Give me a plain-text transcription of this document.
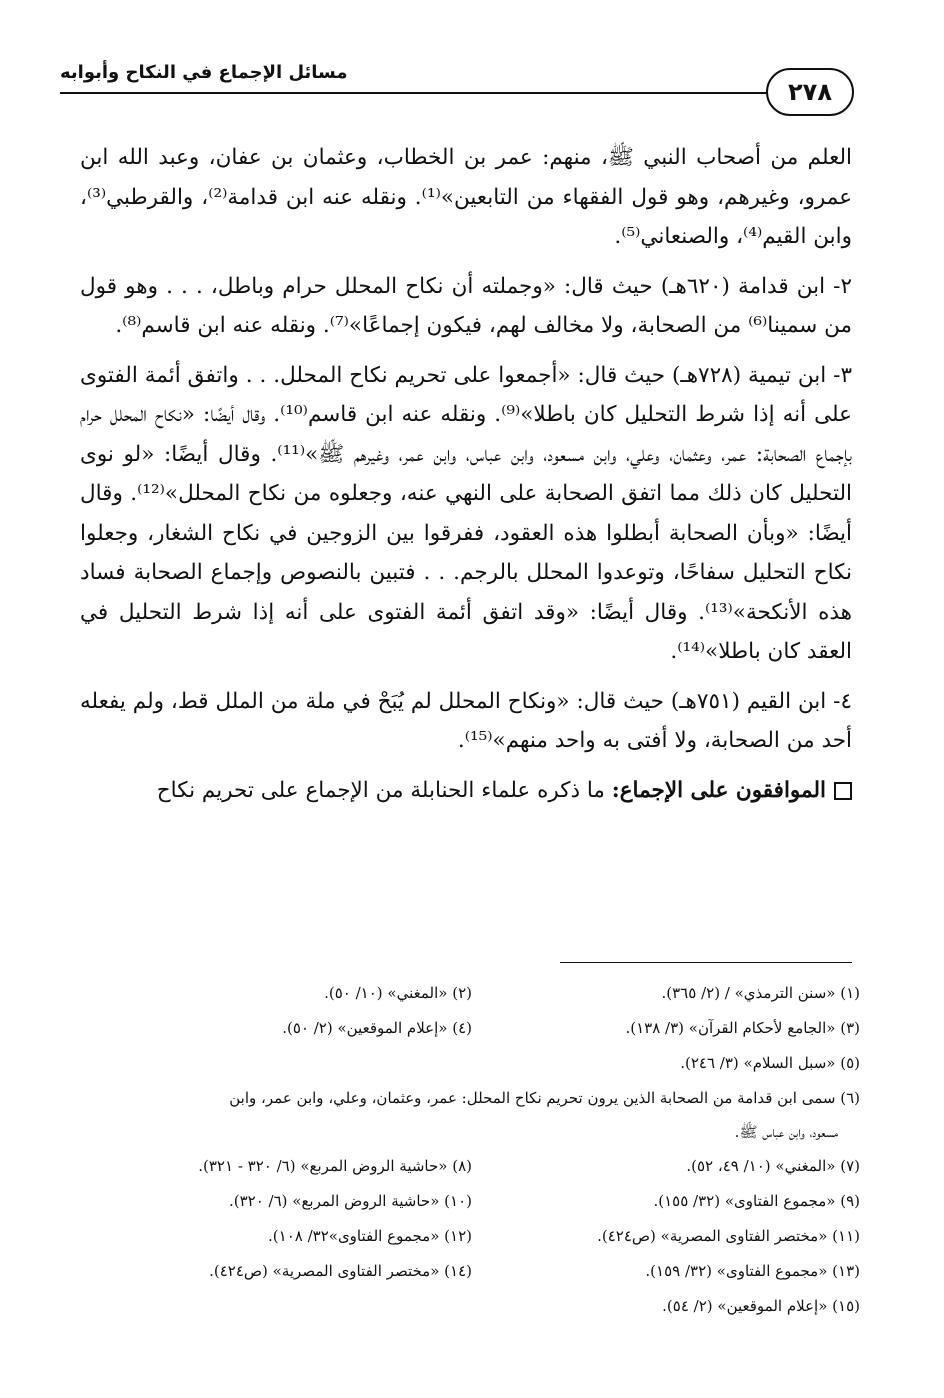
مسائل الإجماع في النكاح وأبوابه
٢٧٨

العلم من أصحاب النبي ﷺ، منهم: عمر بن الخطاب، وعثمان بن عفان، وعبد الله ابن عمرو، وغيرهم، وهو قول الفقهاء من التابعين»⁽¹⁾. ونقله عنه ابن قدامة⁽²⁾، والقرطبي⁽³⁾، وابن القيم⁽⁴⁾، والصنعاني⁽⁵⁾.

٢- ابن قدامة (٦٢٠هـ) حيث قال: «وجملته أن نكاح المحلل حرام وباطل، . . . وهو قول من سمينا⁽⁶⁾ من الصحابة، ولا مخالف لهم، فيكون إجماعًا»⁽⁷⁾. ونقله عنه ابن قاسم⁽⁸⁾.

٣- ابن تيمية (٧٢٨هـ) حيث قال: «أجمعوا على تحريم نكاح المحلل. . . واتفق أئمة الفتوى على أنه إذا شرط التحليل كان باطلا»⁽⁹⁾. ونقله عنه ابن قاسم⁽¹⁰⁾. وقال أيضًا: «نكاح المحلل حرام بإجماع الصحابة: عمر، وعثمان، وعلي، وابن مسعود، وابن عباس، وابن عمر، وغيرهم ﷺ»⁽¹¹⁾. وقال أيضًا: «لو نوى التحليل كان ذلك مما اتفق الصحابة على النهي عنه، وجعلوه من نكاح المحلل»⁽¹²⁾. وقال أيضًا: «وبأن الصحابة أبطلوا هذه العقود، ففرقوا بين الزوجين في نكاح الشغار، وجعلوا نكاح التحليل سفاحًا، وتوعدوا المحلل بالرجم. . . فتبين بالنصوص وإجماع الصحابة فساد هذه الأنكحة»⁽¹³⁾. وقال أيضًا: «وقد اتفق أئمة الفتوى على أنه إذا شرط التحليل في العقد كان باطلا»⁽¹⁴⁾.

٤- ابن القيم (٧٥١هـ) حيث قال: «ونكاح المحلل لم يُبَحْ في ملة من الملل قط، ولم يفعله أحد من الصحابة، ولا أفتى به واحد منهم»⁽¹⁵⁾.

الموافقون على الإجماع: ما ذكره علماء الحنابلة من الإجماع على تحريم نكاح

(١) «سنن الترمذي» / (٢/ ٣٦٥).
(٢) «المغني» (١٠/ ٥٠).
(٣) «الجامع لأحكام القرآن» (٣/ ١٣٨).
(٤) «إعلام الموقعين» (٢/ ٥٠).
(٥) «سبل السلام» (٣/ ٢٤٦).
(٦) سمى ابن قدامة من الصحابة الذين يرون تحريم نكاح المحلل: عمر، وعثمان، وعلي، وابن عمر، وابن
مسعود، وابن عباس ﷺ.
(٧) «المغني» (١٠/ ٤٩، ٥٢).
(٨) «حاشية الروض المربع» (٦/ ٣٢٠ - ٣٢١).
(٩) «مجموع الفتاوى» (٣٢/ ١٥٥).
(١٠) «حاشية الروض المربع» (٦/ ٣٢٠).
(١١) «مختصر الفتاوى المصرية» (ص٤٢٤).
(١٢) «مجموع الفتاوى»٣٢/ ١٠٨).
(١٣) «مجموع الفتاوى» (٣٢/ ١٥٩).
(١٤) «مختصر الفتاوى المصرية» (ص٤٢٤).
(١٥) «إعلام الموقعين» (٢/ ٥٤).
